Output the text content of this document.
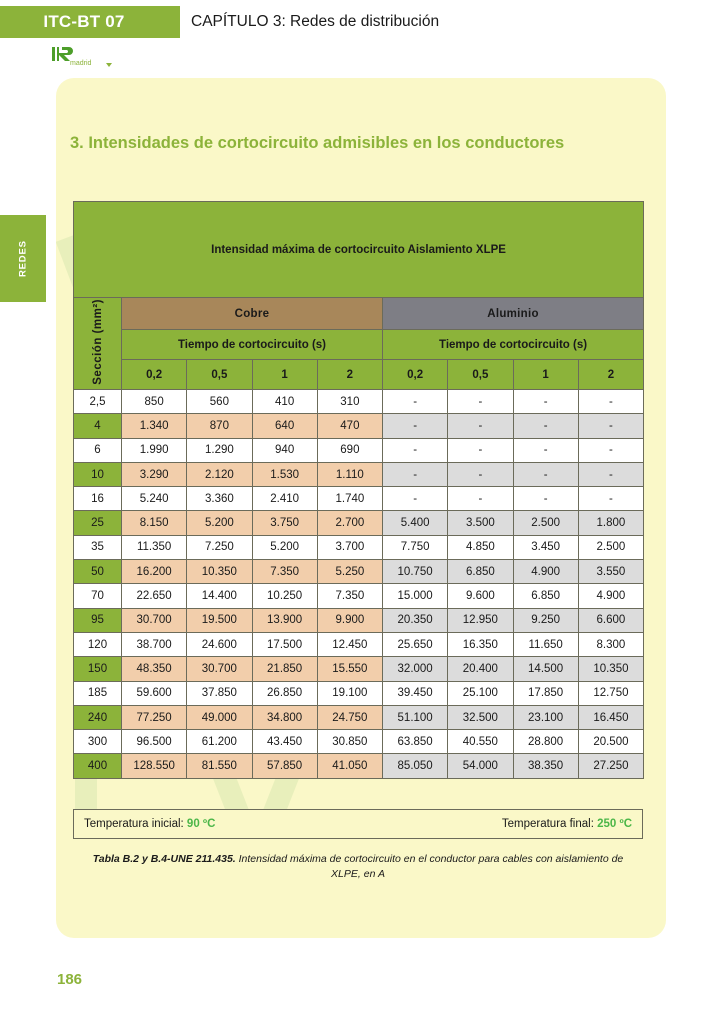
ITC-BT 07	CAPÍTULO 3: Redes de distribución
madrid
REDES
3. Intensidades de cortocircuito admisibles en los conductores
Intensidad máxima de cortocircuito Aislamiento XLPE								
Sección (mm²)	Cobre				Aluminio			
	Tiempo de cortocircuito (s)				Tiempo de cortocircuito (s)			
	0,2	0,5	1	2	0,2	0,5	1	2
2,5	850	560	410	310	-	-	-	-
4	1.340	870	640	470	-	-	-	-
6	1.990	1.290	940	690	-	-	-	-
10	3.290	2.120	1.530	1.110	-	-	-	-
16	5.240	3.360	2.410	1.740	-	-	-	-
25	8.150	5.200	3.750	2.700	5.400	3.500	2.500	1.800
35	11.350	7.250	5.200	3.700	7.750	4.850	3.450	2.500
50	16.200	10.350	7.350	5.250	10.750	6.850	4.900	3.550
70	22.650	14.400	10.250	7.350	15.000	9.600	6.850	4.900
95	30.700	19.500	13.900	9.900	20.350	12.950	9.250	6.600
120	38.700	24.600	17.500	12.450	25.650	16.350	11.650	8.300
150	48.350	30.700	21.850	15.550	32.000	20.400	14.500	10.350
185	59.600	37.850	26.850	19.100	39.450	25.100	17.850	12.750
240	77.250	49.000	34.800	24.750	51.100	32.500	23.100	16.450
300	96.500	61.200	43.450	30.850	63.850	40.550	28.800	20.500
400	128.550	81.550	57.850	41.050	85.050	54.000	38.350	27.250
Temperatura inicial: 90 ºC	Temperatura final: 250 ºC
Tabla B.2 y B.4-UNE 211.435. Intensidad máxima de cortocircuito en el conductor para cables con aislamiento de XLPE, en A
186
